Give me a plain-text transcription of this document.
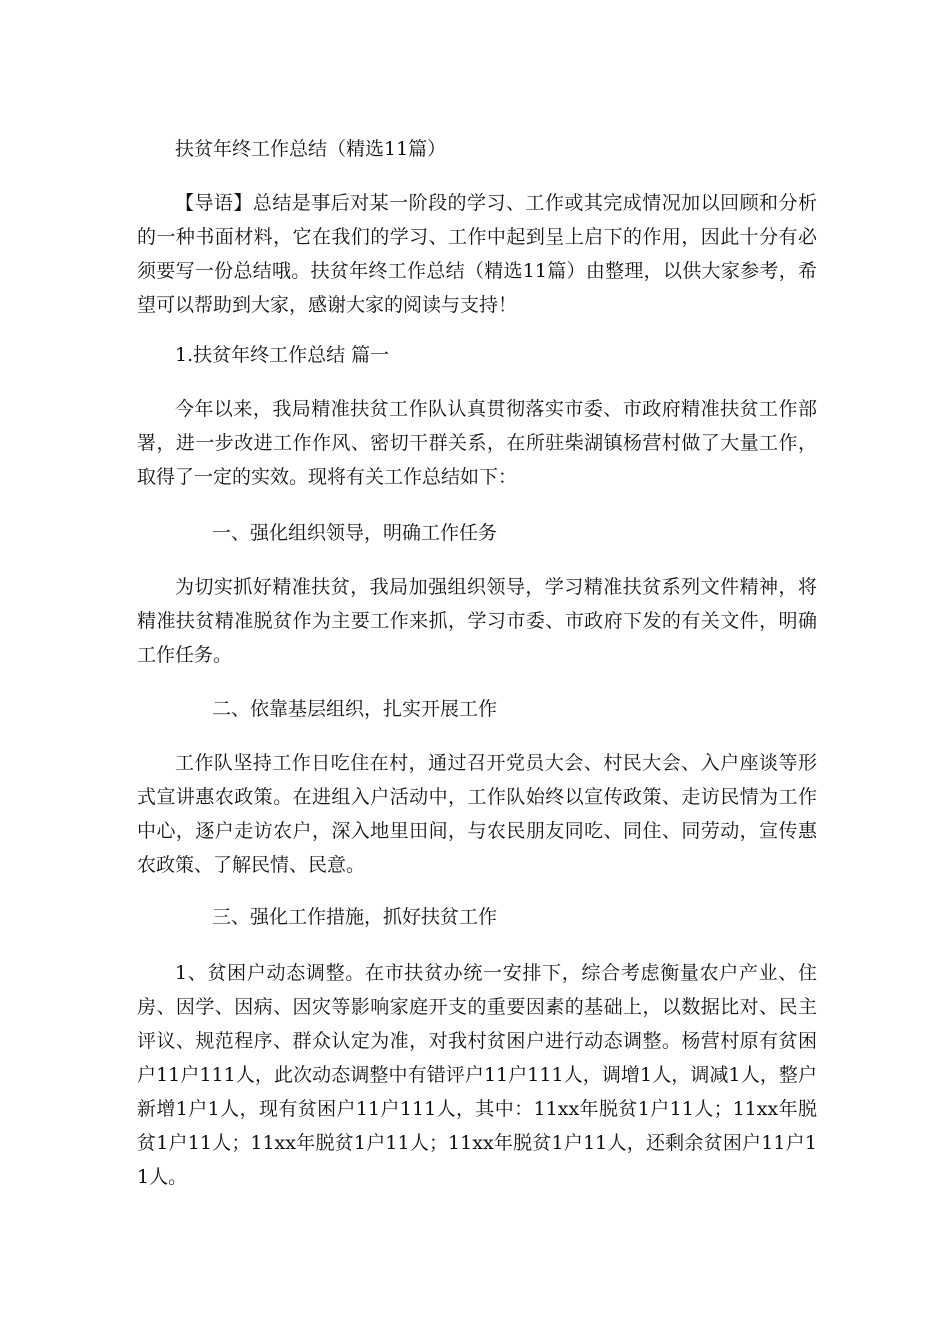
扶贫年终工作总结（精选11篇）
【导语】总结是事后对某一阶段的学习、工作或其完成情况加以回顾和分析的一种书面材料，它在我们的学习、工作中起到呈上启下的作用，因此十分有必须要写一份总结哦。扶贫年终工作总结（精选11篇）由整理，以供大家参考，希望可以帮助到大家，感谢大家的阅读与支持！
1.扶贫年终工作总结 篇一
今年以来，我局精准扶贫工作队认真贯彻落实市委、市政府精准扶贫工作部署，进一步改进工作作风、密切干群关系，在所驻柴湖镇杨营村做了大量工作，取得了一定的实效。现将有关工作总结如下：
一、强化组织领导，明确工作任务
为切实抓好精准扶贫，我局加强组织领导，学习精准扶贫系列文件精神，将精准扶贫精准脱贫作为主要工作来抓，学习市委、市政府下发的有关文件，明确工作任务。
二、依靠基层组织，扎实开展工作
工作队坚持工作日吃住在村，通过召开党员大会、村民大会、入户座谈等形式宣讲惠农政策。在进组入户活动中，工作队始终以宣传政策、走访民情为工作中心，逐户走访农户，深入地里田间，与农民朋友同吃、同住、同劳动，宣传惠农政策、了解民情、民意。
三、强化工作措施，抓好扶贫工作
1、贫困户动态调整。在市扶贫办统一安排下，综合考虑衡量农户产业、住房、因学、因病、因灾等影响家庭开支的重要因素的基础上，以数据比对、民主评议、规范程序、群众认定为准，对我村贫困户进行动态调整。杨营村原有贫困户11户111人，此次动态调整中有错评户11户111人，调增1人，调减1人，整户新增1户1人，现有贫困户11户111人，其中：11xx年脱贫1户11人；11xx年脱贫1户11人；11xx年脱贫1户11人；11xx年脱贫1户11人，还剩余贫困户11户11人。
